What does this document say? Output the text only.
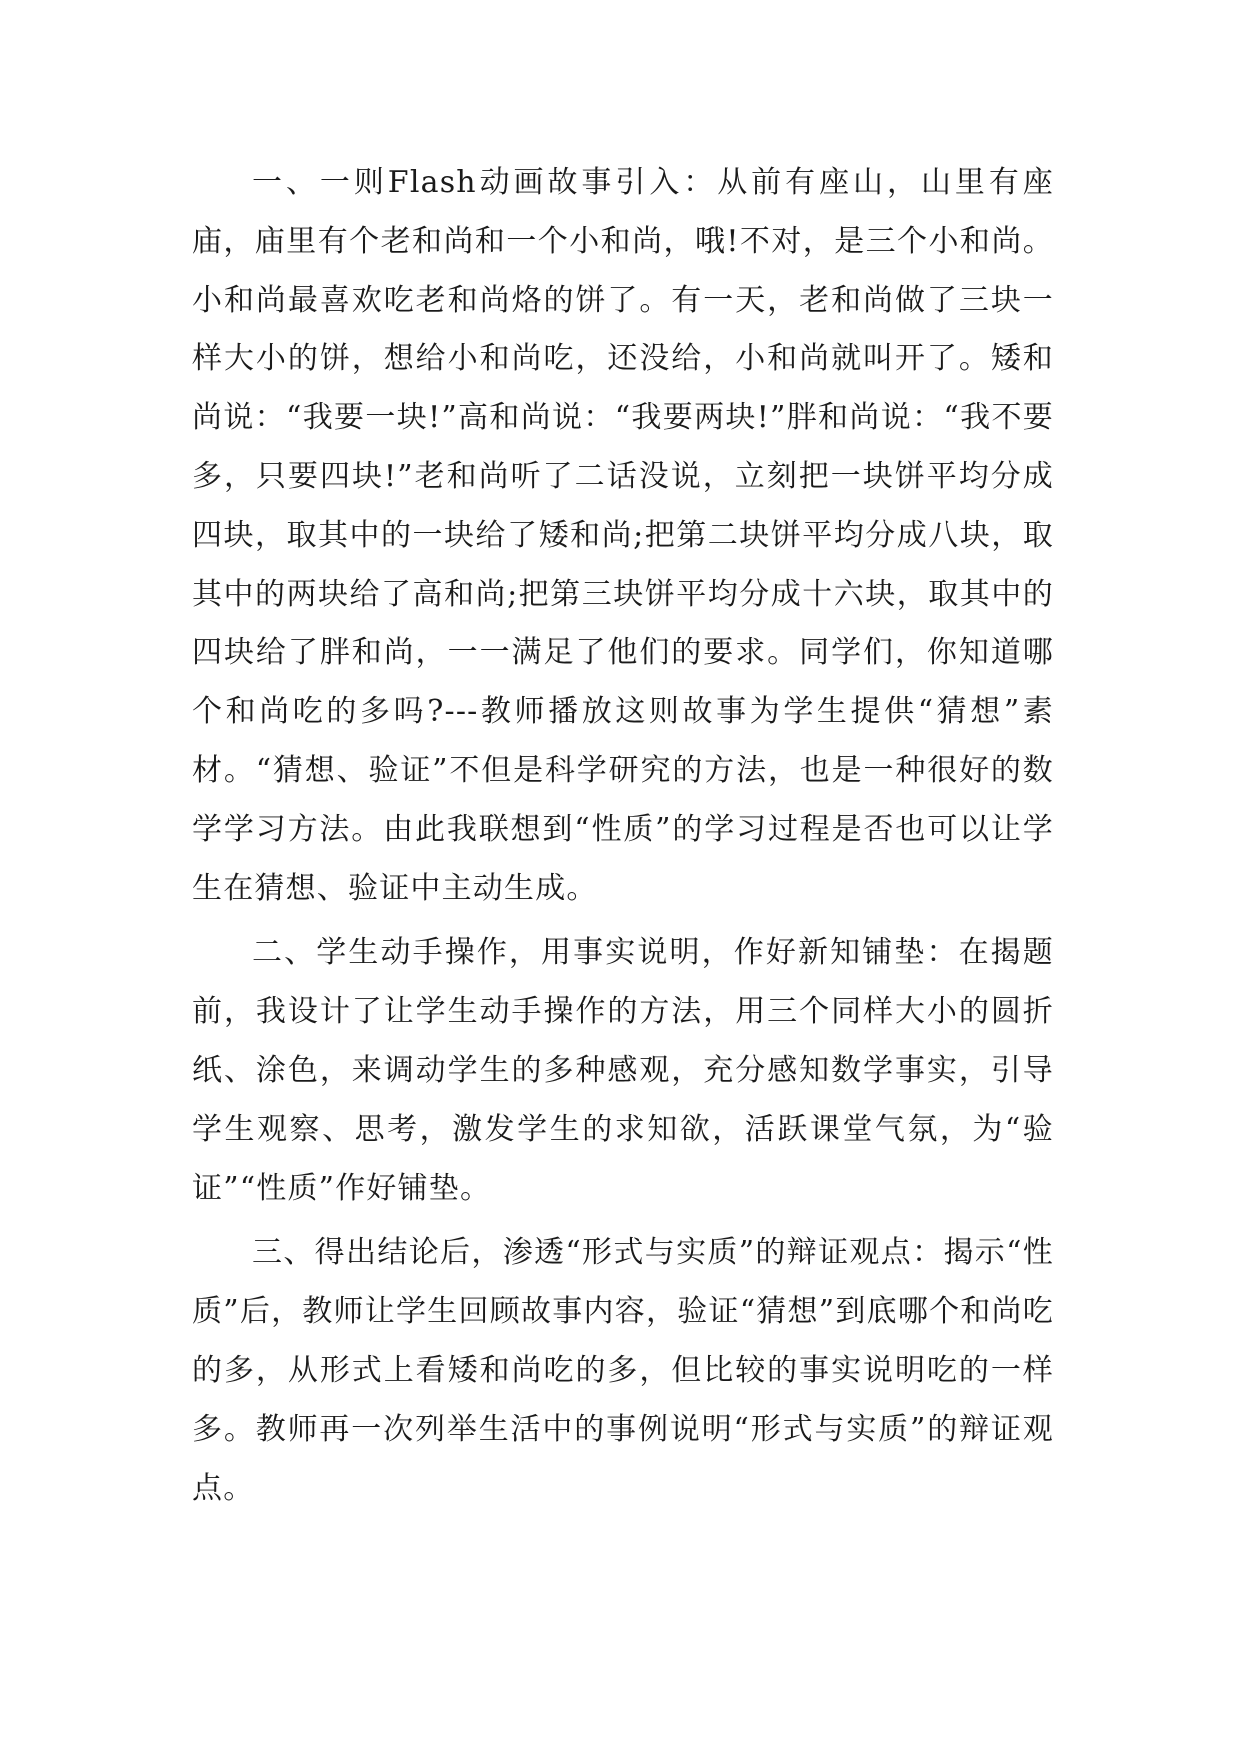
一、一则Flash动画故事引入：从前有座山，山里有座庙，庙里有个老和尚和一个小和尚，哦!不对，是三个小和尚。小和尚最喜欢吃老和尚烙的饼了。有一天，老和尚做了三块一样大小的饼，想给小和尚吃，还没给，小和尚就叫开了。矮和尚说：“我要一块!”高和尚说：“我要两块!”胖和尚说：“我不要多，只要四块!”老和尚听了二话没说，立刻把一块饼平均分成四块，取其中的一块给了矮和尚;把第二块饼平均分成八块，取其中的两块给了高和尚;把第三块饼平均分成十六块，取其中的四块给了胖和尚，一一满足了他们的要求。同学们，你知道哪个和尚吃的多吗?---教师播放这则故事为学生提供“猜想”素材。“猜想、验证”不但是科学研究的方法，也是一种很好的数学学习方法。由此我联想到“性质”的学习过程是否也可以让学生在猜想、验证中主动生成。

二、学生动手操作，用事实说明，作好新知铺垫：在揭题前，我设计了让学生动手操作的方法，用三个同样大小的圆折纸、涂色，来调动学生的多种感观，充分感知数学事实，引导学生观察、思考，激发学生的求知欲，活跃课堂气氛，为“验证”“性质”作好铺垫。

三、得出结论后，渗透“形式与实质”的辩证观点：揭示“性质”后，教师让学生回顾故事内容，验证“猜想”到底哪个和尚吃的多，从形式上看矮和尚吃的多，但比较的事实说明吃的一样多。教师再一次列举生活中的事例说明“形式与实质”的辩证观点。
